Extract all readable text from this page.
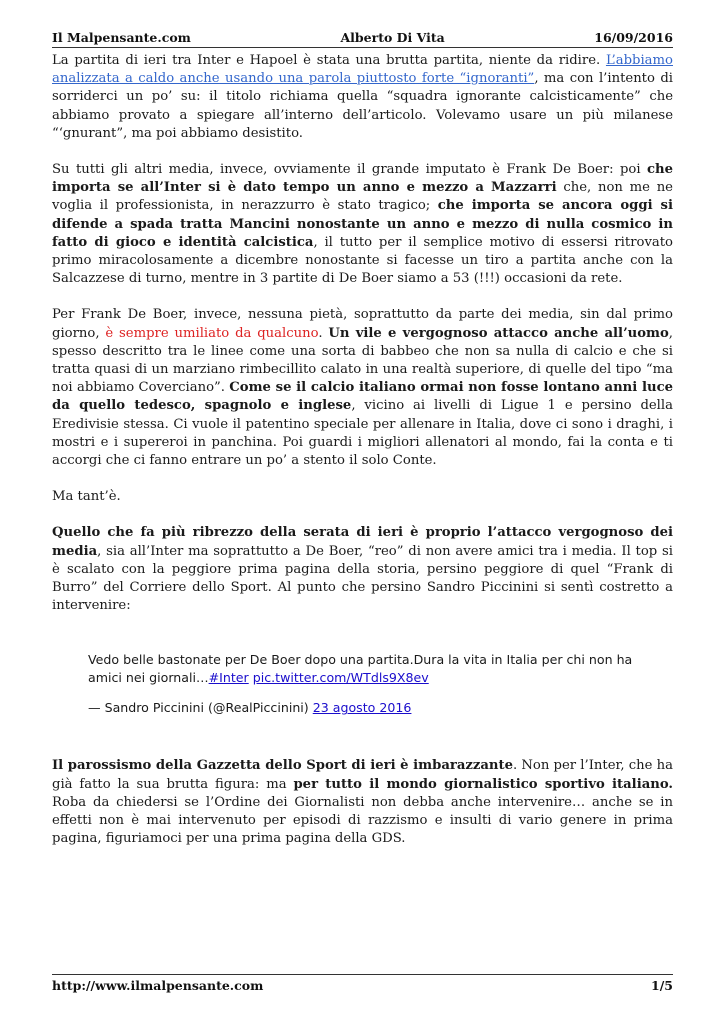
Il Malpensante.com	Alberto Di Vita	16/09/2016

La partita di ieri tra Inter e Hapoel è stata una brutta partita, niente da ridire. L’abbiamo analizzata a caldo anche usando una parola piuttosto forte “ignoranti”, ma con l’intento di sorriderci un po’ su: il titolo richiama quella “squadra ignorante calcisticamente” che abbiamo provato a spiegare all’interno dell’articolo. Volevamo usare un più milanese “‘gnurant”, ma poi abbiamo desistito.

Su tutti gli altri media, invece, ovviamente il grande imputato è Frank De Boer: poi che importa se all’Inter si è dato tempo un anno e mezzo a Mazzarri che, non me ne voglia il professionista, in nerazzurro è stato tragico; che importa se ancora oggi si difende a spada tratta Mancini nonostante un anno e mezzo di nulla cosmico in fatto di gioco e identità calcistica, il tutto per il semplice motivo di essersi ritrovato primo miracolosamente a dicembre nonostante si facesse un tiro a partita anche con la Salcazzese di turno, mentre in 3 partite di De Boer siamo a 53 (!!!) occasioni da rete.

Per Frank De Boer, invece, nessuna pietà, soprattutto da parte dei media, sin dal primo giorno, è sempre umiliato da qualcuno. Un vile e vergognoso attacco anche all’uomo, spesso descritto tra le linee come una sorta di babbeo che non sa nulla di calcio e che si tratta quasi di un marziano rimbecillito calato in una realtà superiore, di quelle del tipo “ma noi abbiamo Coverciano”. Come se il calcio italiano ormai non fosse lontano anni luce da quello tedesco, spagnolo e inglese, vicino ai livelli di Ligue 1 e persino della Eredivisie stessa. Ci vuole il patentino speciale per allenare in Italia, dove ci sono i draghi, i mostri e i supereroi in panchina. Poi guardi i migliori allenatori al mondo, fai la conta e ti accorgi che ci fanno entrare un po’ a stento il solo Conte.

Ma tant’è.

Quello che fa più ribrezzo della serata di ieri è proprio l’attacco vergognoso dei media, sia all’Inter ma soprattutto a De Boer, “reo” di non avere amici tra i media. Il top si è scalato con la peggiore prima pagina della storia, persino peggiore di quel “Frank di Burro” del Corriere dello Sport. Al punto che persino Sandro Piccinini si sentì costretto a intervenire:

Vedo belle bastonate per De Boer dopo una partita.Dura la vita in Italia per chi non ha amici nei giornali…#Inter pic.twitter.com/WTdls9X8ev

— Sandro Piccinini (@RealPiccinini) 23 agosto 2016

Il parossismo della Gazzetta dello Sport di ieri è imbarazzante. Non per l’Inter, che ha già fatto la sua brutta figura: ma per tutto il mondo giornalistico sportivo italiano. Roba da chiedersi se l’Ordine dei Giornalisti non debba anche intervenire… anche se in effetti non è mai intervenuto per episodi di razzismo e insulti di vario genere in prima pagina, figuriamoci per una prima pagina della GDS.

http://www.ilmalpensante.com	1/5
